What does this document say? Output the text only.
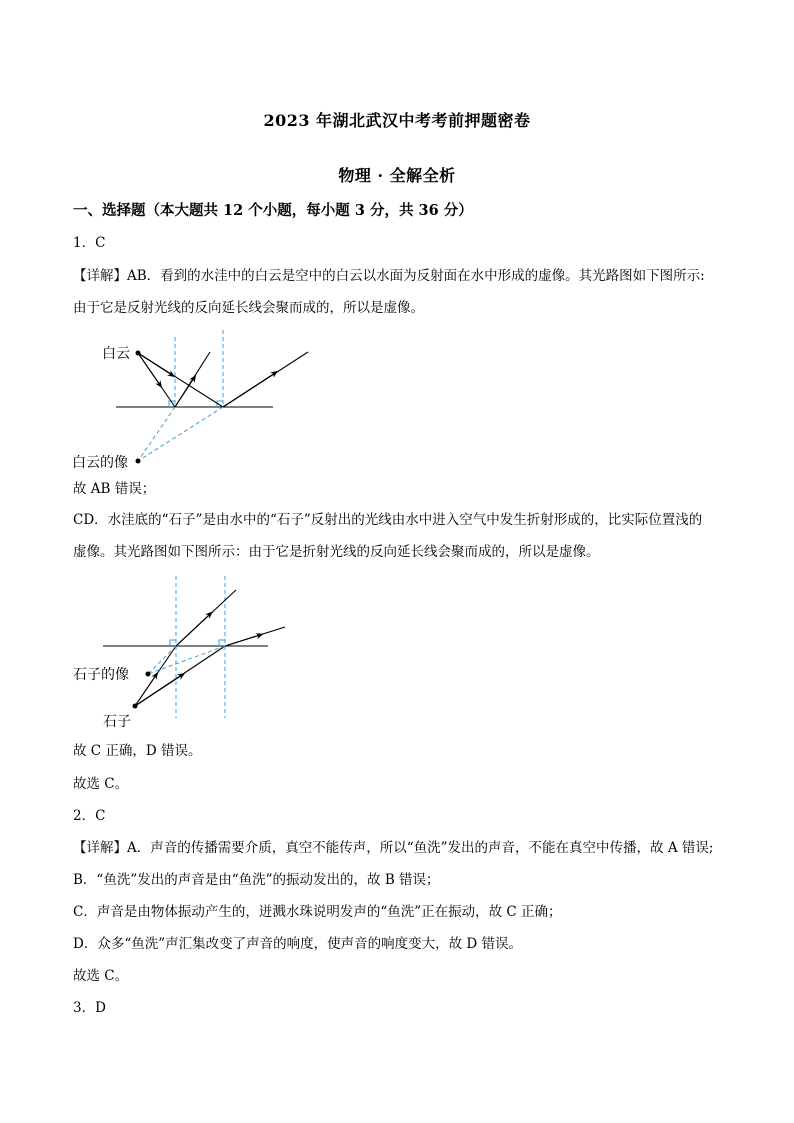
2023 年湖北武汉中考考前押题密卷
物理 · 全解全析
一、选择题（本大题共 12 个小题，每小题 3 分，共 36 分）
1．C
【详解】AB．看到的水洼中的白云是空中的白云以水面为反射面在水中形成的虚像。其光路图如下图所示:
由于它是反射光线的反向延长线会聚而成的，所以是虚像。
白云
白云的像
故 AB 错误；
CD．水洼底的“石子”是由水中的“石子”反射出的光线由水中进入空气中发生折射形成的，比实际位置浅的
虚像。其光路图如下图所示：由于它是折射光线的反向延长线会聚而成的，所以是虚像。
石子的像
石子
故 C 正确，D 错误。
故选 C。
2．C
【详解】A．声音的传播需要介质，真空不能传声，所以“鱼洗”发出的声音，不能在真空中传播，故 A 错误;
B．“鱼洗”发出的声音是由“鱼洗”的振动发出的，故 B 错误；
C．声音是由物体振动产生的，迸溅水珠说明发声的“鱼洗”正在振动，故 C 正确；
D．众多“鱼洗”声汇集改变了声音的响度，使声音的响度变大，故 D 错误。
故选 C。
3．D
